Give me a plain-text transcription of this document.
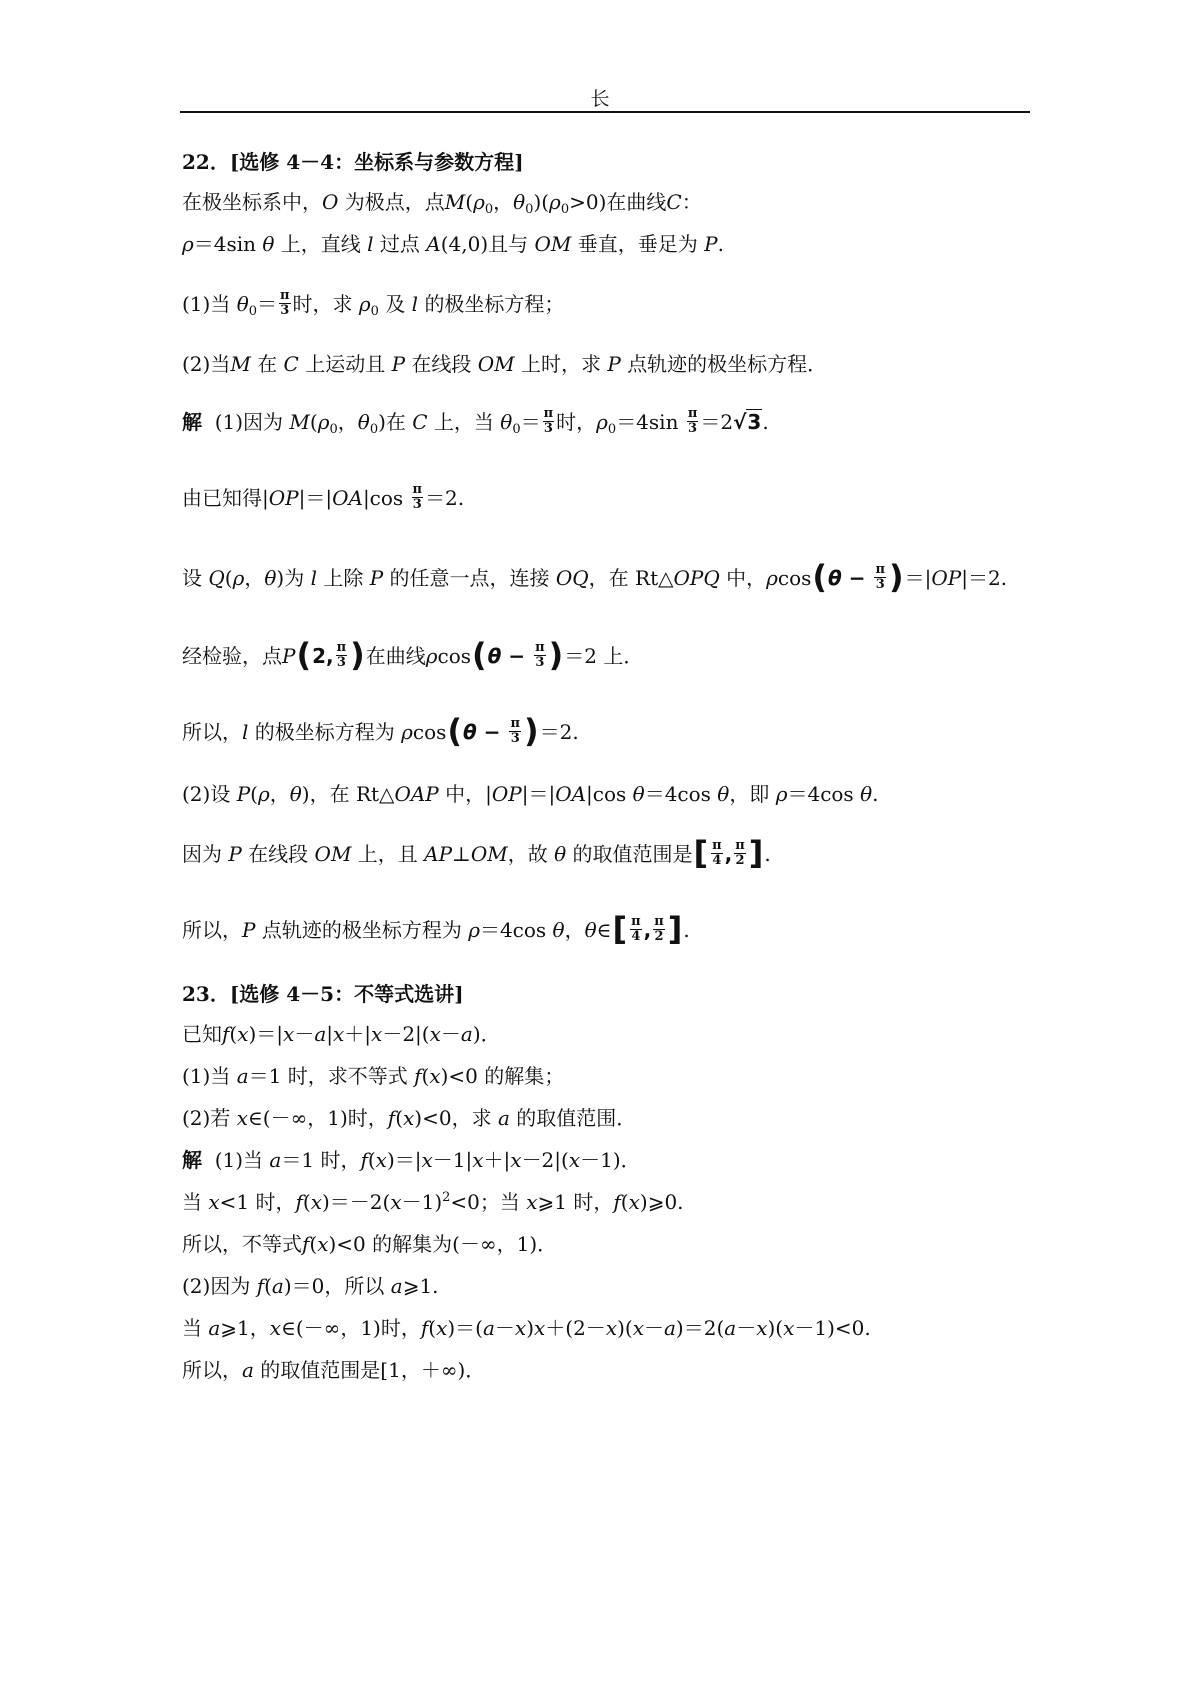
长
22．[选修 4－4：坐标系与参数方程]
在极坐标系中，O 为极点，点$M(\rho_0$，$\theta_0)(\rho_0>0)$在曲线C：
ρ＝4sin θ 上，直线 l 过点 A(4,0)且与 OM 垂直，垂足为 P.
(1)当 $\theta_0= \frac{\pi}{3}$ 时，求 $\rho_0$ 及 l 的极坐标方程；
(2)当M 在 C 上运动且 P 在线段 OM 上时，求 P 点轨迹的极坐标方程．
解 (1)因为 $M(\rho_0$，$\theta_0$)在 C 上，当 $\theta_0= \frac{\pi}{3}$ 时，$\rho_0=4\sin \frac{\pi}{3} =2√3$.
由已知得$|OP|=|OA|\cos \frac{\pi}{3} =2$.
设 Q(ρ，θ)为 l 上除 P 的任意一点，连接 OQ，在 Rt△OPQ 中，$\rho\cos(\theta - \frac{\pi}{3} )=|OP|=2$.
经检验，点P(2, $\frac{\pi}{3}$ )在曲线$\rho\cos(\theta - \frac{\pi}{3} )=2$ 上．
所以，l 的极坐标方程为 $\rho\cos(\theta - \frac{\pi}{3} )=2$.
(2)设 P(ρ，θ)，在 Rt△OAP 中，|OP|＝|OA|cos θ＝4cos θ，即 ρ＝4cos θ.
因为 P 在线段 OM 上，且 AP⊥OM，故 θ 的取值范围是[ $\frac{\pi}{4}$ , $\frac{\pi}{2}$ ].
所以，P 点轨迹的极坐标方程为 ρ＝4cos θ，θ∈[ $\frac{\pi}{4}$ , $\frac{\pi}{2}$ ].
23．[选修 4－5：不等式选讲]
已知f(x)＝|x－a|x＋|x－2|(x－a)．
(1)当 a＝1 时，求不等式 f(x)<0 的解集；
(2)若 x∈(－∞，1)时，f(x)<0，求 a 的取值范围．
解 (1)当 a＝1 时，f(x)＝|x－1|x＋|x－2|(x－1)．
当 x<1 时，$f(x)=-2(x-1)^2<0$；当 x⩾1 时，f(x)⩾0.
所以，不等式f(x)<0 的解集为(－∞，1)．
(2)因为 f(a)＝0，所以 a⩾1.
当 a⩾1，x∈(－∞，1)时，f(x)＝(a－x)x＋(2－x)(x－a)＝2(a－x)(x－1)<0.
所以，a 的取值范围是[1，＋∞)．
